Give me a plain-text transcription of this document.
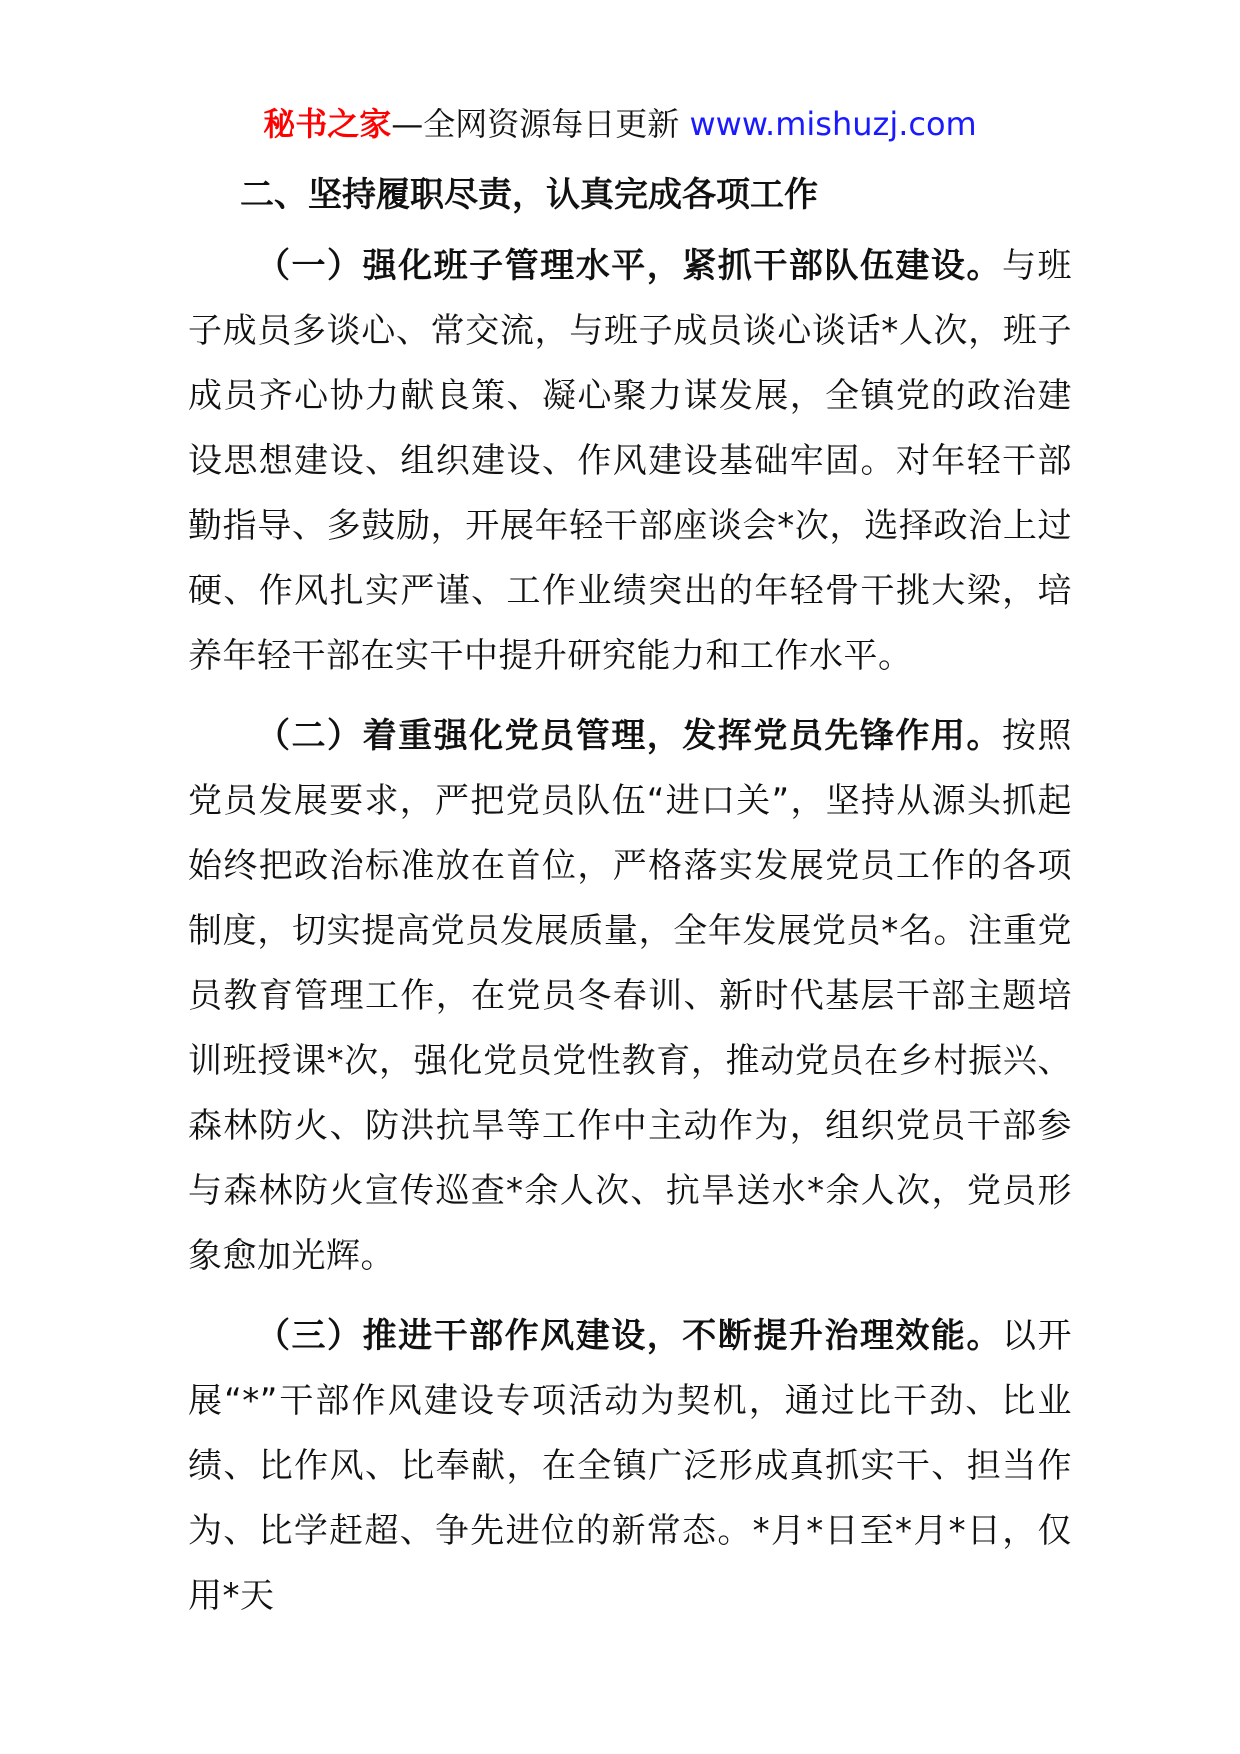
秘书之家—全网资源每日更新 www.mishuzj.com
二、坚持履职尽责，认真完成各项工作

（一）强化班子管理水平，紧抓干部队伍建设。与班子成员多谈心、常交流，与班子成员谈心谈话*人次，班子成员齐心协力献良策、凝心聚力谋发展，全镇党的政治建设思想建设、组织建设、作风建设基础牢固。对年轻干部勤指导、多鼓励，开展年轻干部座谈会*次，选择政治上过硬、作风扎实严谨、工作业绩突出的年轻骨干挑大梁，培养年轻干部在实干中提升研究能力和工作水平。

（二）着重强化党员管理，发挥党员先锋作用。按照党员发展要求，严把党员队伍“进口关”，坚持从源头抓起始终把政治标准放在首位，严格落实发展党员工作的各项制度，切实提高党员发展质量，全年发展党员*名。注重党员教育管理工作，在党员冬春训、新时代基层干部主题培训班授课*次，强化党员党性教育，推动党员在乡村振兴、森林防火、防洪抗旱等工作中主动作为，组织党员干部参与森林防火宣传巡查*余人次、抗旱送水*余人次，党员形象愈加光辉。

（三）推进干部作风建设，不断提升治理效能。以开展“*”干部作风建设专项活动为契机，通过比干劲、比业绩、比作风、比奉献，在全镇广泛形成真抓实干、担当作为、比学赶超、争先进位的新常态。*月*日至*月*日，仅用*天
